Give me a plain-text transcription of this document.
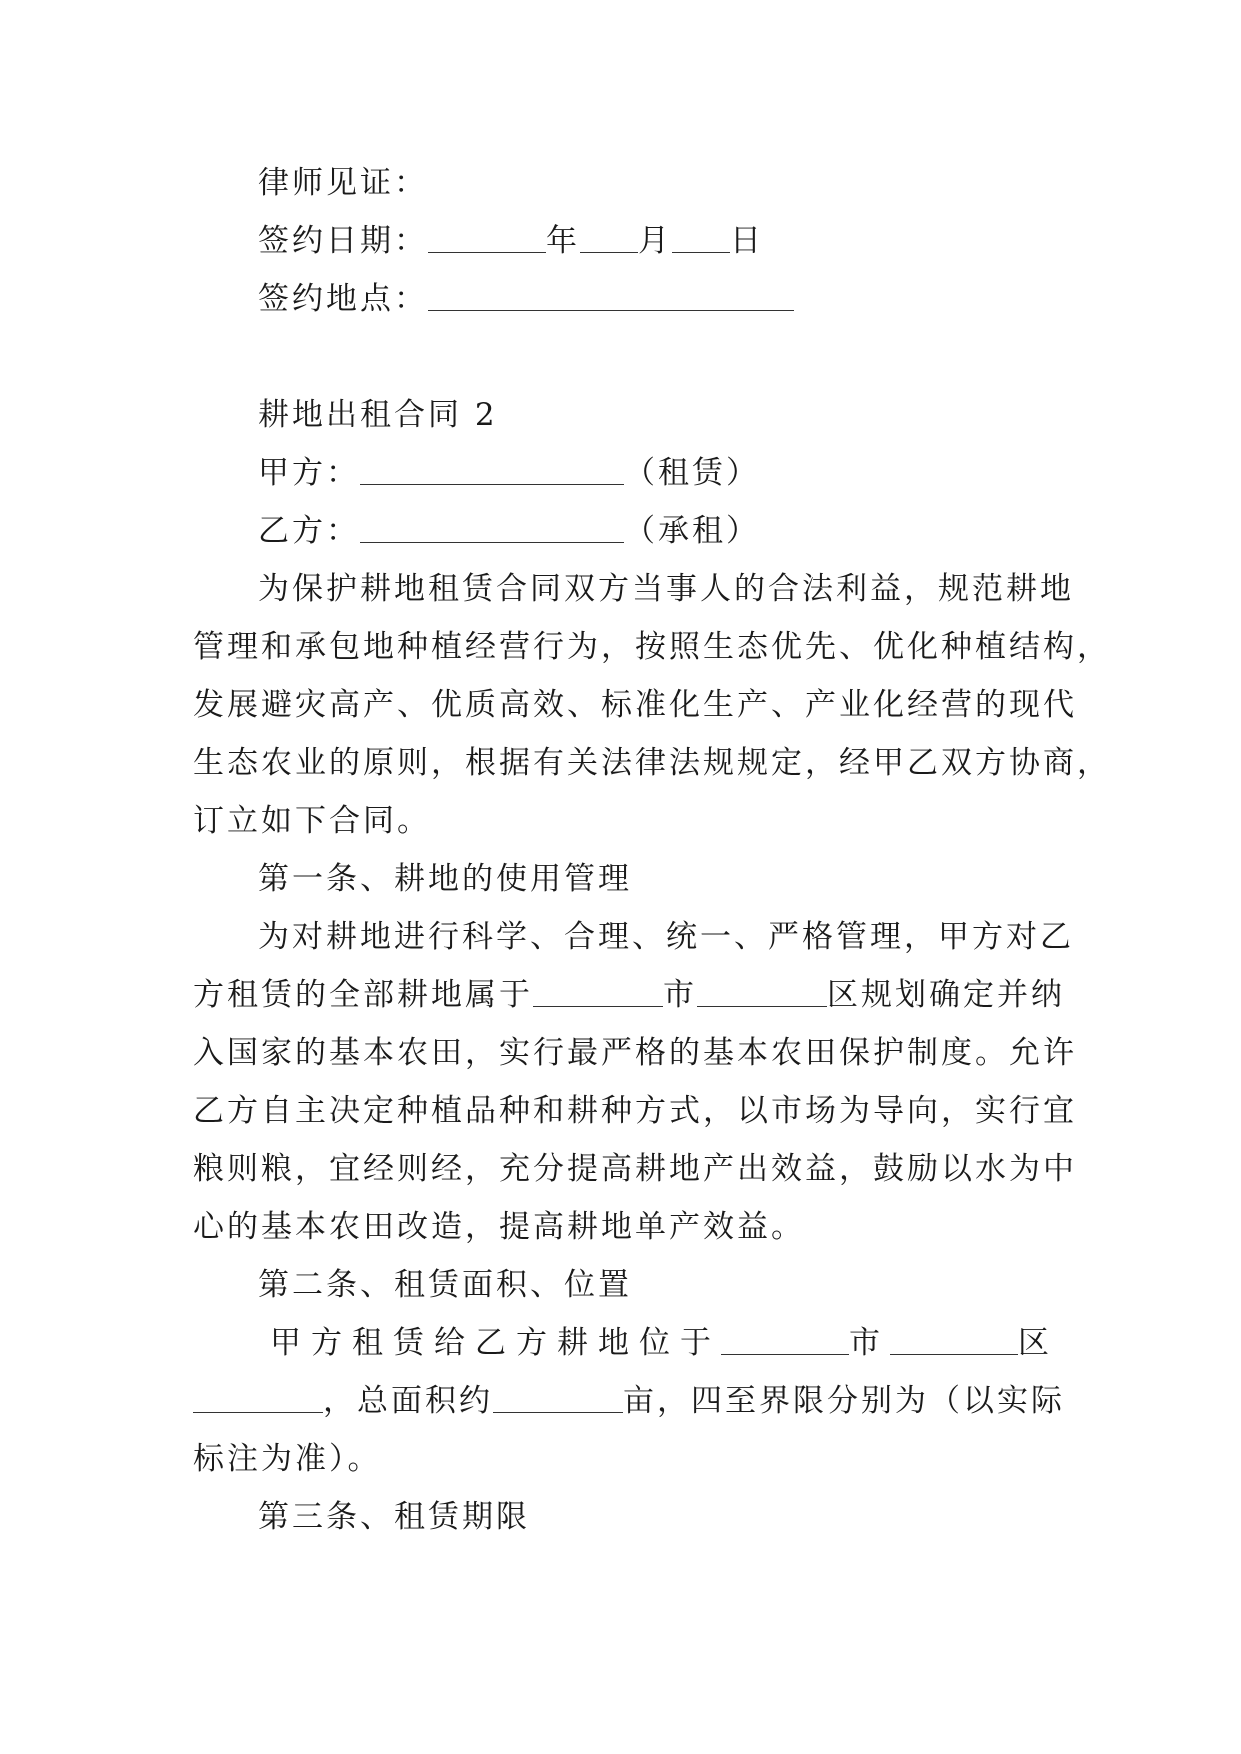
律师见证：
签约日期：	年 月 日
签约地点：
耕地出租合同 2
甲方：	（租赁）
乙方：	（承租）
为保护耕地租赁合同双方当事人的合法利益，规范耕地
管理和承包地种植经营行为，按照生态优先、优化种植结构，
发展避灾高产、优质高效、标准化生产、产业化经营的现代
生态农业的原则，根据有关法律法规规定，经甲乙双方协商，
订立如下合同。
第一条、耕地的使用管理
为对耕地进行科学、合理、统一、严格管理，甲方对乙
方租赁的全部耕地属于	市	区规划确定并纳
入国家的基本农田，实行最严格的基本农田保护制度。允许
乙方自主决定种植品种和耕种方式，以市场为导向，实行宜
粮则粮，宜经则经，充分提高耕地产出效益，鼓励以水为中
心的基本农田改造，提高耕地单产效益。
第二条、租赁面积、位置
甲方租赁给乙方耕地位于	市	区
，总面积约	亩，四至界限分别为（以实际
标注为准）。
第三条、租赁期限
